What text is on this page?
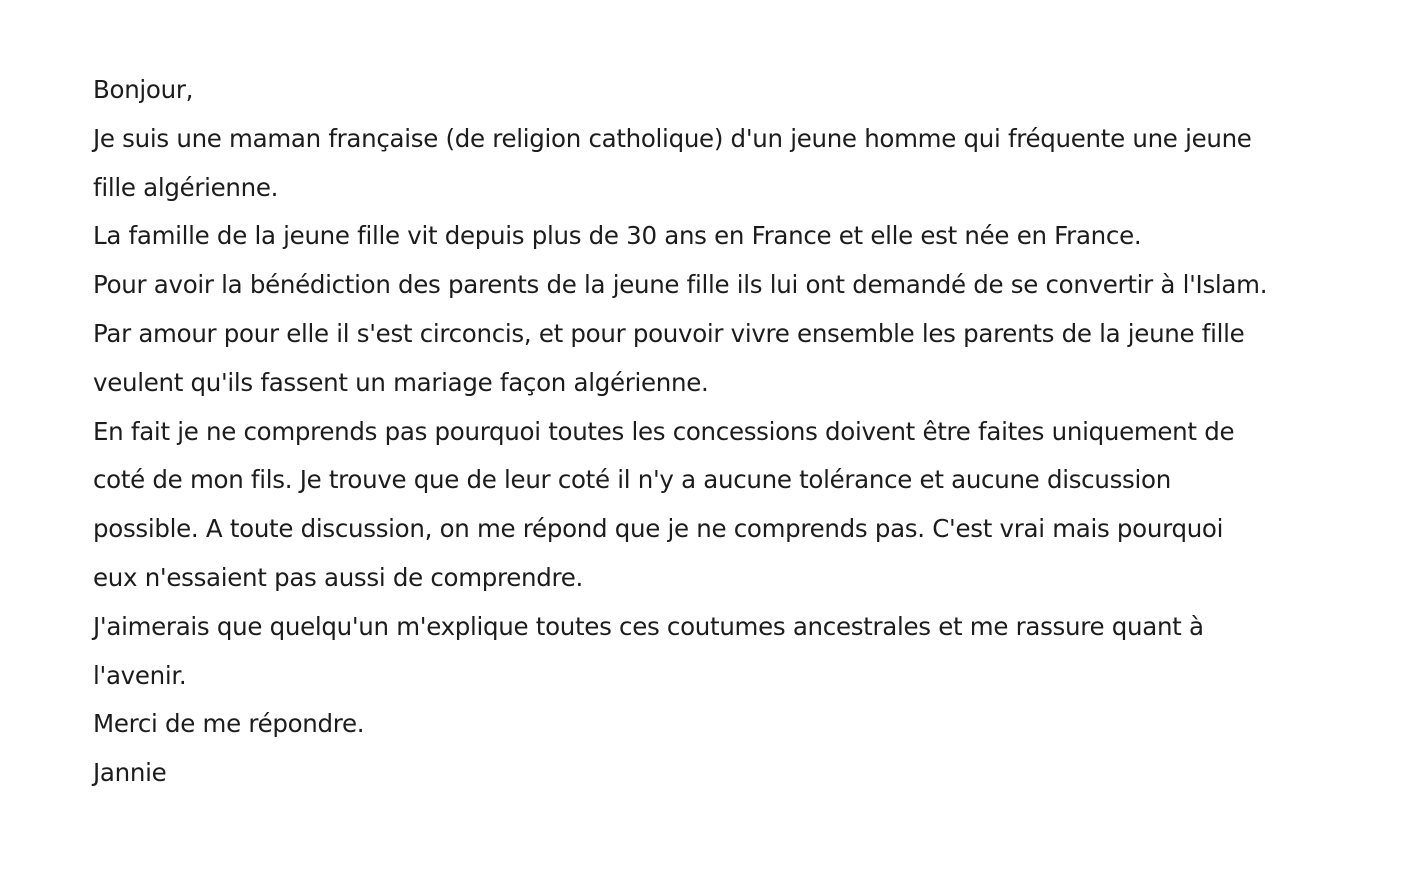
Bonjour,
Je suis une maman française (de religion catholique) d'un jeune homme qui fréquente une jeune
fille algérienne.
La famille de la jeune fille vit depuis plus de 30 ans en France et elle est née en France.
Pour avoir la bénédiction des parents de la jeune fille ils lui ont demandé de se convertir à l'Islam.
Par amour pour elle il s'est circoncis, et pour pouvoir vivre ensemble les parents de la jeune fille
veulent qu'ils fassent un mariage façon algérienne.
En fait je ne comprends pas pourquoi toutes les concessions doivent être faites uniquement de
coté de mon fils. Je trouve que de leur coté il n'y a aucune tolérance et aucune discussion
possible. A toute discussion, on me répond que je ne comprends pas. C'est vrai mais pourquoi
eux n'essaient pas aussi de comprendre.
J'aimerais que quelqu'un m'explique toutes ces coutumes ancestrales et me rassure quant à
l'avenir.
Merci de me répondre.
Jannie
